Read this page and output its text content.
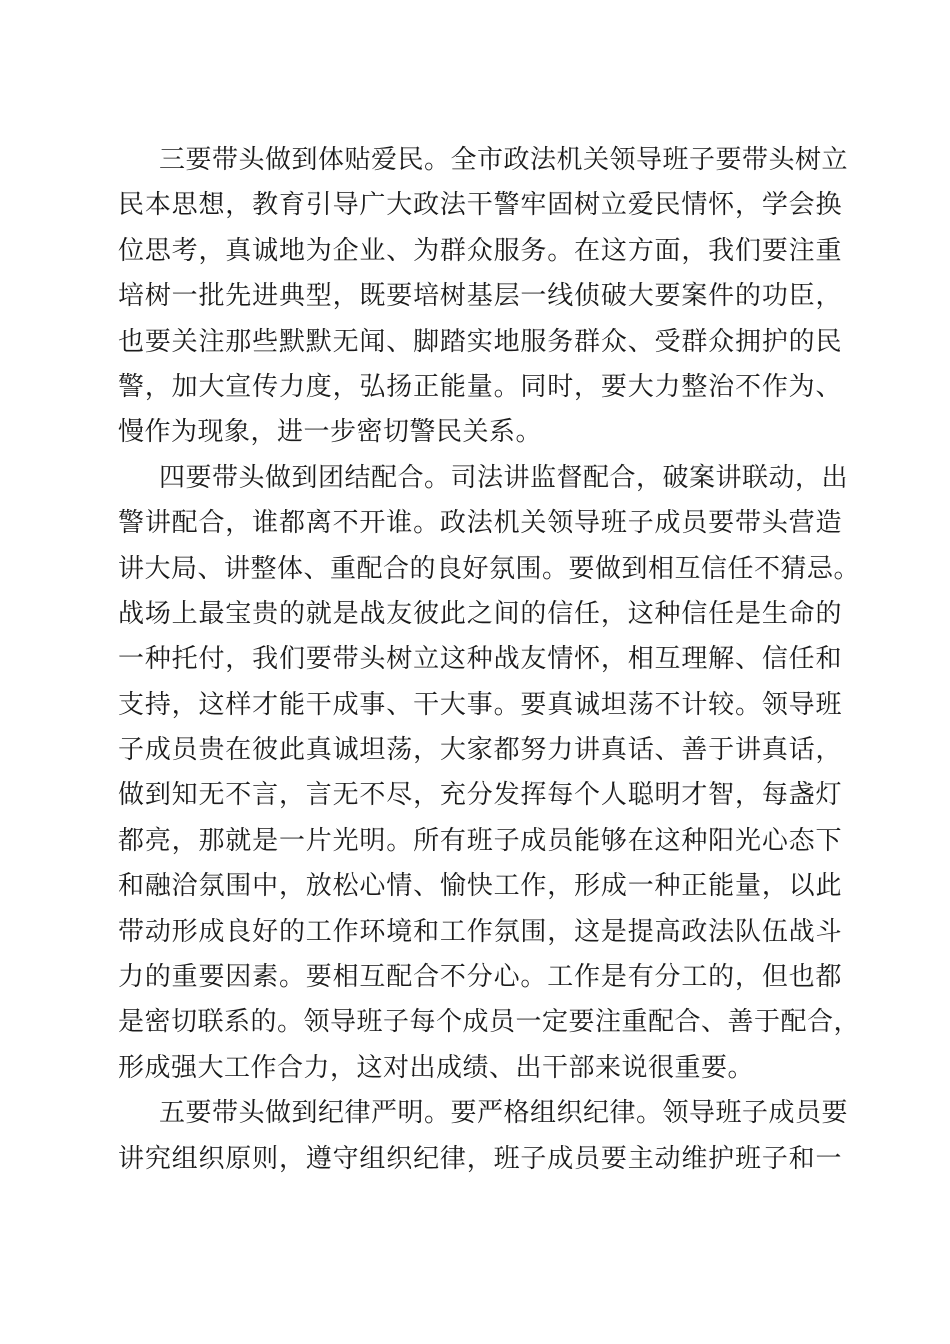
三要带头做到体贴爱民。全市政法机关领导班子要带头树立
民本思想，教育引导广大政法干警牢固树立爱民情怀，学会换
位思考，真诚地为企业、为群众服务。在这方面，我们要注重
培树一批先进典型，既要培树基层一线侦破大要案件的功臣，
也要关注那些默默无闻、脚踏实地服务群众、受群众拥护的民
警，加大宣传力度，弘扬正能量。同时，要大力整治不作为、
慢作为现象，进一步密切警民关系。
四要带头做到团结配合。司法讲监督配合，破案讲联动，出
警讲配合，谁都离不开谁。政法机关领导班子成员要带头营造
讲大局、讲整体、重配合的良好氛围。要做到相互信任不猜忌。
战场上最宝贵的就是战友彼此之间的信任，这种信任是生命的
一种托付，我们要带头树立这种战友情怀，相互理解、信任和
支持，这样才能干成事、干大事。要真诚坦荡不计较。领导班
子成员贵在彼此真诚坦荡，大家都努力讲真话、善于讲真话，
做到知无不言，言无不尽，充分发挥每个人聪明才智，每盏灯
都亮，那就是一片光明。所有班子成员能够在这种阳光心态下
和融洽氛围中，放松心情、愉快工作，形成一种正能量，以此
带动形成良好的工作环境和工作氛围，这是提高政法队伍战斗
力的重要因素。要相互配合不分心。工作是有分工的，但也都
是密切联系的。领导班子每个成员一定要注重配合、善于配合，
形成强大工作合力，这对出成绩、出干部来说很重要。
五要带头做到纪律严明。要严格组织纪律。领导班子成员要
讲究组织原则，遵守组织纪律，班子成员要主动维护班子和一
